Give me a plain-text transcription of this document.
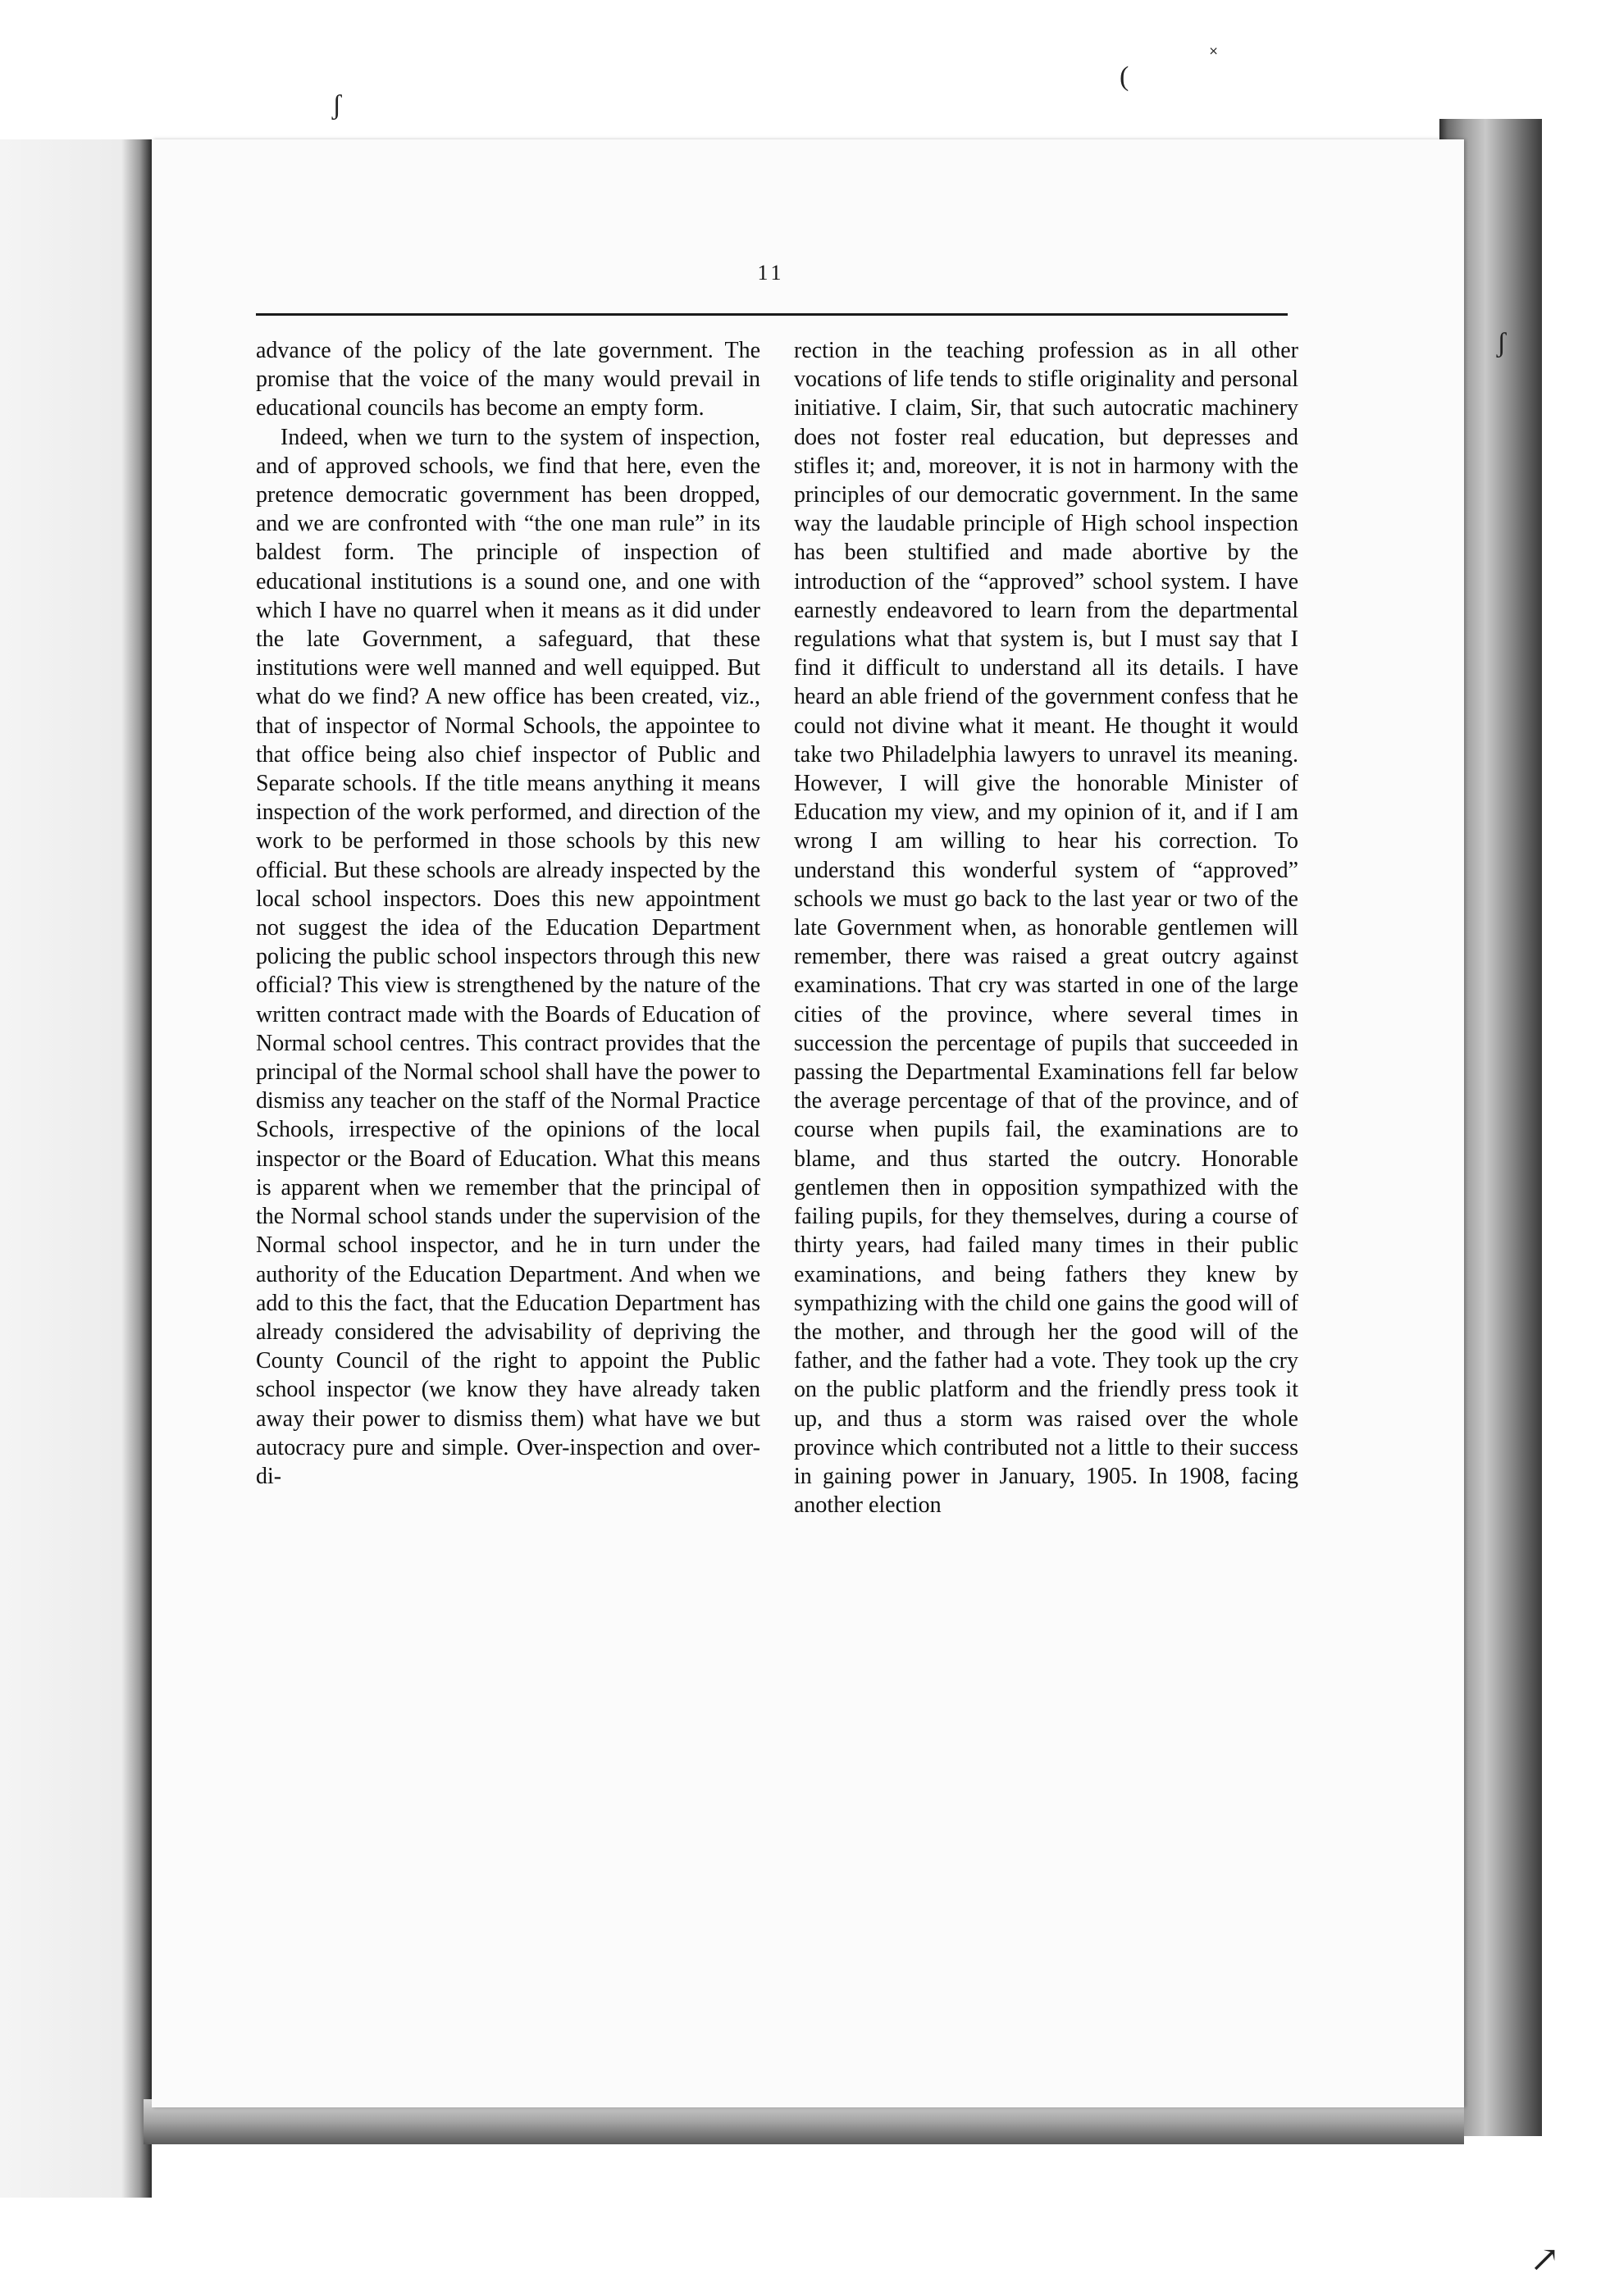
11

advance of the policy of the late government. The promise that the voice of the many would prevail in educational councils has become an empty form.

Indeed, when we turn to the system of inspection, and of approved schools, we find that here, even the pretence democratic government has been dropped, and we are confronted with “the one man rule” in its baldest form. The principle of inspection of educational institutions is a sound one, and one with which I have no quarrel when it means as it did under the late Government, a safeguard, that these institutions were well manned and well equipped. But what do we find? A new office has been created, viz., that of inspector of Normal Schools, the appointee to that office being also chief inspector of Public and Separate schools. If the title means anything it means inspection of the work performed, and direction of the work to be performed in those schools by this new official. But these schools are already inspected by the local school inspectors. Does this new appointment not suggest the idea of the Education Department policing the public school inspectors through this new official? This view is strengthened by the nature of the written contract made with the Boards of Education of Normal school centres. This contract provides that the principal of the Normal school shall have the power to dismiss any teacher on the staff of the Normal Practice Schools, irrespective of the opinions of the local inspector or the Board of Education. What this means is apparent when we remember that the principal of the Normal school stands under the supervision of the Normal school inspector, and he in turn under the authority of the Education Department. And when we add to this the fact, that the Education Department has already considered the advisability of depriving the County Council of the right to appoint the Public school inspector (we know they have already taken away their power to dismiss them) what have we but autocracy pure and simple. Over-inspection and over-di-

rection in the teaching profession as in all other vocations of life tends to stifle originality and personal initiative. I claim, Sir, that such autocratic machinery does not foster real education, but depresses and stifles it; and, moreover, it is not in harmony with the principles of our democratic government. In the same way the laudable principle of High school inspection has been stultified and made abortive by the introduction of the “approved” school system. I have earnestly endeavored to learn from the departmental regulations what that system is, but I must say that I find it difficult to understand all its details. I have heard an able friend of the government confess that he could not divine what it meant. He thought it would take two Philadelphia lawyers to unravel its meaning. However, I will give the honorable Minister of Education my view, and my opinion of it, and if I am wrong I am willing to hear his correction. To understand this wonderful system of “approved” schools we must go back to the last year or two of the late Government when, as honorable gentlemen will remember, there was raised a great outcry against examinations. That cry was started in one of the large cities of the province, where several times in succession the percentage of pupils that succeeded in passing the Departmental Examinations fell far below the average percentage of that of the province, and of course when pupils fail, the examinations are to blame, and thus started the outcry. Honorable gentlemen then in opposition sympathized with the failing pupils, for they themselves, during a course of thirty years, had failed many times in their public examinations, and being fathers they knew by sympathizing with the child one gains the good will of the mother, and through her the good will of the father, and the father had a vote. They took up the cry on the public platform and the friendly press took it up, and thus a storm was raised over the whole province which contributed not a little to their success in gaining power in January, 1905. In 1908, facing another election

ʃ
(
˟
ʃ
↗
